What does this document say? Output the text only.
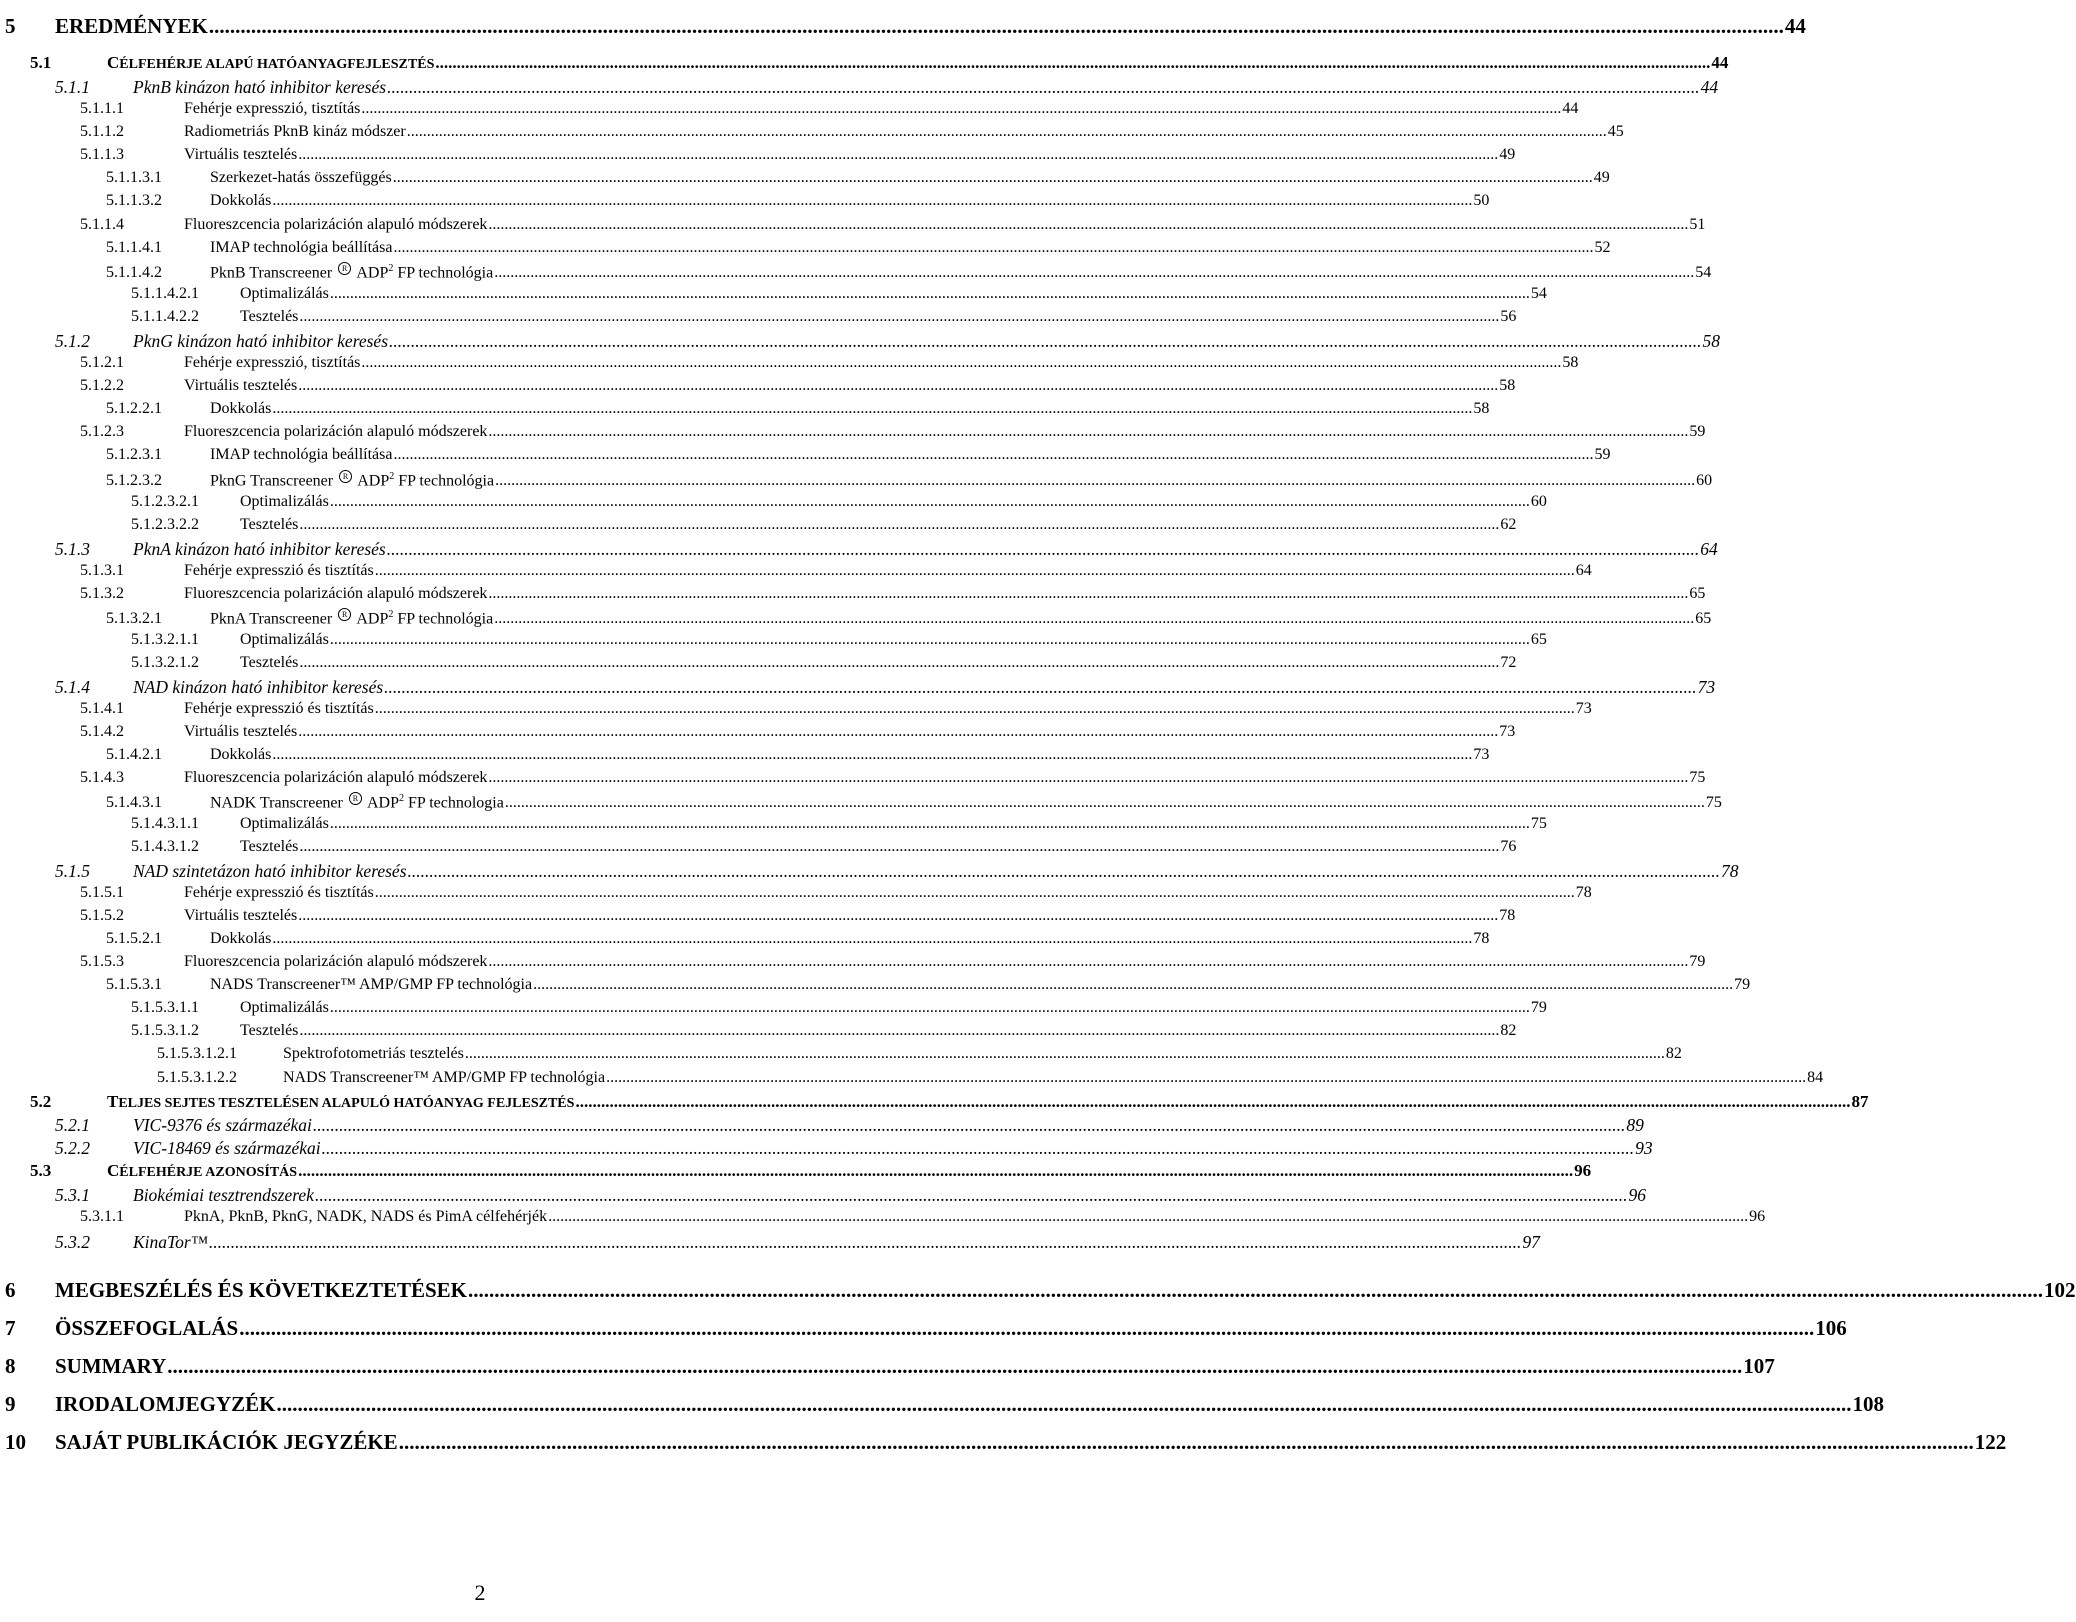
5	EREDMÉNYEK ............................................................................................................................................................................................................................................................................................................ 44
5.1	CÉLFEHÉRJE ALAPÚ HATÓANYAGFEJLESZTÉS ............................................................................................................................................................................................................................................................................................................ 44
5.1.1	PknB kinázon ható inhibitor keresés ............................................................................................................................................................................................................................................................................................................ 44
5.1.1.1	Fehérje expresszió, tisztítás ............................................................................................................................................................................................................................................................................................................ 44
5.1.1.2	Radiometriás PknB kináz módszer ............................................................................................................................................................................................................................................................................................................ 45
5.1.1.3	Virtuális tesztelés ............................................................................................................................................................................................................................................................................................................ 49
5.1.1.3.1	Szerkezet-hatás összefüggés ............................................................................................................................................................................................................................................................................................................ 49
5.1.1.3.2	Dokkolás ............................................................................................................................................................................................................................................................................................................ 50
5.1.1.4	Fluoreszcencia polarizáción alapuló módszerek ............................................................................................................................................................................................................................................................................................................ 51
5.1.1.4.1	IMAP technológia beállítása ............................................................................................................................................................................................................................................................................................................ 52
5.1.1.4.2	PknB Transcreener R ADP$^2$ FP technológia ............................................................................................................................................................................................................................................................................................................ 54
5.1.1.4.2.1	Optimalizálás ............................................................................................................................................................................................................................................................................................................ 54
5.1.1.4.2.2	Tesztelés ............................................................................................................................................................................................................................................................................................................ 56
5.1.2	PknG kinázon ható inhibitor keresés ............................................................................................................................................................................................................................................................................................................ 58
5.1.2.1	Fehérje expresszió, tisztítás ............................................................................................................................................................................................................................................................................................................ 58
5.1.2.2	Virtuális tesztelés ............................................................................................................................................................................................................................................................................................................ 58
5.1.2.2.1	Dokkolás ............................................................................................................................................................................................................................................................................................................ 58
5.1.2.3	Fluoreszcencia polarizáción alapuló módszerek ............................................................................................................................................................................................................................................................................................................ 59
5.1.2.3.1	IMAP technológia beállítása ............................................................................................................................................................................................................................................................................................................ 59
5.1.2.3.2	PknG Transcreener R ADP$^2$ FP technológia ............................................................................................................................................................................................................................................................................................................ 60
5.1.2.3.2.1	Optimalizálás ............................................................................................................................................................................................................................................................................................................ 60
5.1.2.3.2.2	Tesztelés ............................................................................................................................................................................................................................................................................................................ 62
5.1.3	PknA kinázon ható inhibitor keresés ............................................................................................................................................................................................................................................................................................................ 64
5.1.3.1	Fehérje expresszió és tisztítás ............................................................................................................................................................................................................................................................................................................ 64
5.1.3.2	Fluoreszcencia polarizáción alapuló módszerek ............................................................................................................................................................................................................................................................................................................ 65
5.1.3.2.1	PknA Transcreener R ADP$^2$ FP technológia ............................................................................................................................................................................................................................................................................................................ 65
5.1.3.2.1.1	Optimalizálás ............................................................................................................................................................................................................................................................................................................ 65
5.1.3.2.1.2	Tesztelés ............................................................................................................................................................................................................................................................................................................ 72
5.1.4	NAD kinázon ható inhibitor keresés ............................................................................................................................................................................................................................................................................................................ 73
5.1.4.1	Fehérje expresszió és tisztítás ............................................................................................................................................................................................................................................................................................................ 73
5.1.4.2	Virtuális tesztelés ............................................................................................................................................................................................................................................................................................................ 73
5.1.4.2.1	Dokkolás ............................................................................................................................................................................................................................................................................................................ 73
5.1.4.3	Fluoreszcencia polarizáción alapuló módszerek ............................................................................................................................................................................................................................................................................................................ 75
5.1.4.3.1	NADK Transcreener R ADP$^2$ FP technologia ............................................................................................................................................................................................................................................................................................................ 75
5.1.4.3.1.1	Optimalizálás ............................................................................................................................................................................................................................................................................................................ 75
5.1.4.3.1.2	Tesztelés ............................................................................................................................................................................................................................................................................................................ 76
5.1.5	NAD szintetázon ható inhibitor keresés ............................................................................................................................................................................................................................................................................................................ 78
5.1.5.1	Fehérje expresszió és tisztítás ............................................................................................................................................................................................................................................................................................................ 78
5.1.5.2	Virtuális tesztelés ............................................................................................................................................................................................................................................................................................................ 78
5.1.5.2.1	Dokkolás ............................................................................................................................................................................................................................................................................................................ 78
5.1.5.3	Fluoreszcencia polarizáción alapuló módszerek ............................................................................................................................................................................................................................................................................................................ 79
5.1.5.3.1	NADS Transcreener™ AMP/GMP FP technológia ............................................................................................................................................................................................................................................................................................................ 79
5.1.5.3.1.1	Optimalizálás ............................................................................................................................................................................................................................................................................................................ 79
5.1.5.3.1.2	Tesztelés ............................................................................................................................................................................................................................................................................................................ 82
5.1.5.3.1.2.1	Spektrofotometriás tesztelés ............................................................................................................................................................................................................................................................................................................ 82
5.1.5.3.1.2.2	NADS Transcreener™ AMP/GMP FP technológia ............................................................................................................................................................................................................................................................................................................ 84
5.2	TELJES SEJTES TESZTELÉSEN ALAPULÓ HATÓANYAG FEJLESZTÉS ............................................................................................................................................................................................................................................................................................................ 87
5.2.1	VIC-9376 és származékai ............................................................................................................................................................................................................................................................................................................ 89
5.2.2	VIC-18469 és származékai ............................................................................................................................................................................................................................................................................................................ 93
5.3	CÉLFEHÉRJE AZONOSÍTÁS ............................................................................................................................................................................................................................................................................................................ 96
5.3.1	Biokémiai tesztrendszerek ............................................................................................................................................................................................................................................................................................................ 96
5.3.1.1	PknA, PknB, PknG, NADK, NADS és PimA célfehérjék ............................................................................................................................................................................................................................................................................................................ 96
5.3.2	KinaTor™ ............................................................................................................................................................................................................................................................................................................ 97
6	MEGBESZÉLÉS ÉS KÖVETKEZTETÉSEK ............................................................................................................................................................................................................................................................................................................ 102
7	ÖSSZEFOGLALÁS ............................................................................................................................................................................................................................................................................................................ 106
8	SUMMARY ............................................................................................................................................................................................................................................................................................................ 107
9	IRODALOMJEGYZÉK ............................................................................................................................................................................................................................................................................................................ 108
10	SAJÁT PUBLIKÁCIÓK JEGYZÉKE ............................................................................................................................................................................................................................................................................................................ 122
2
